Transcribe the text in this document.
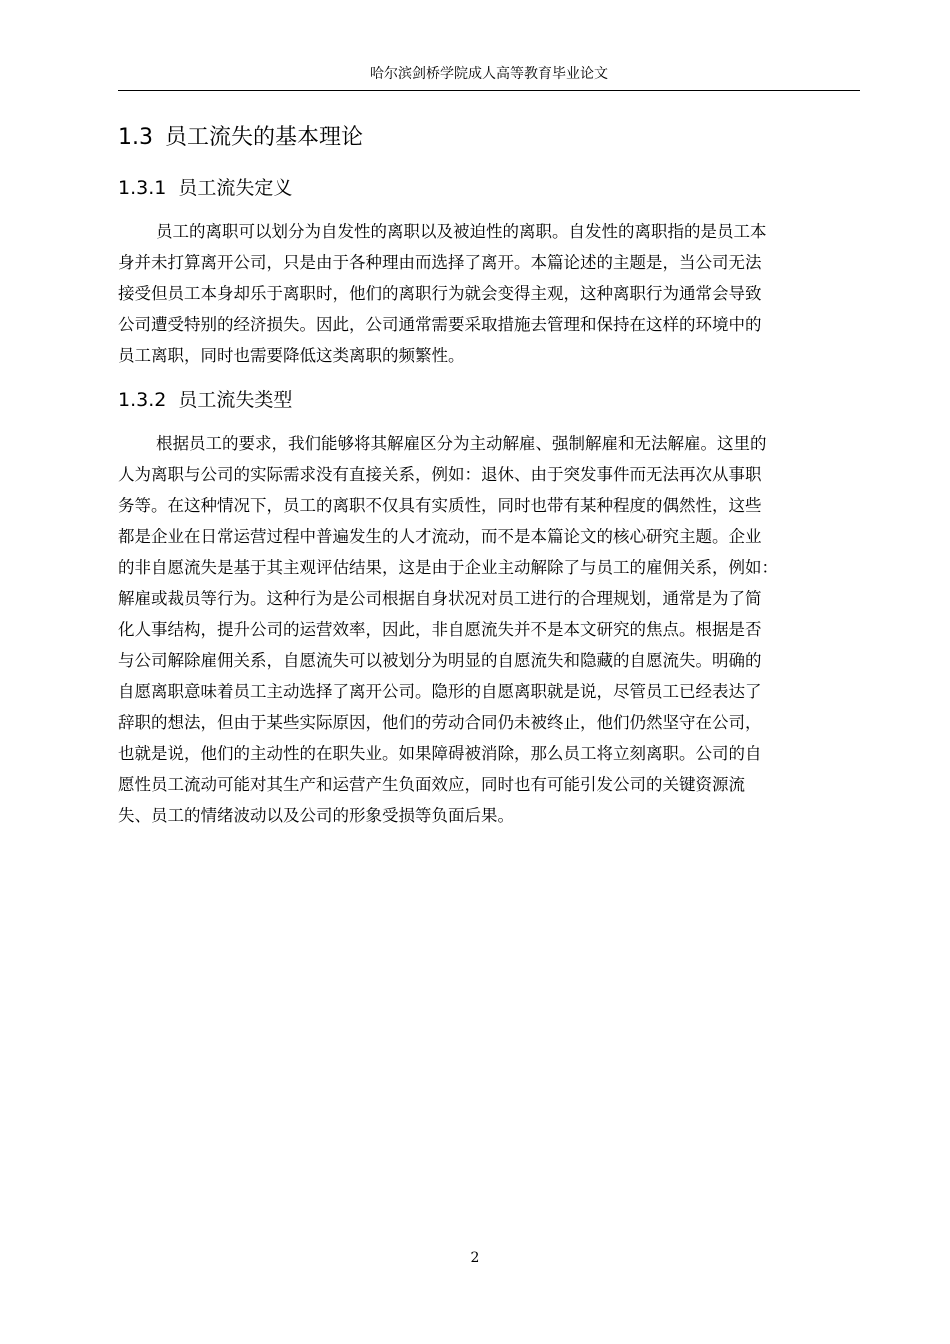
哈尔滨剑桥学院成人高等教育毕业论文
1.3 员工流失的基本理论
1.3.1 员工流失定义

员工的离职可以划分为自发性的离职以及被迫性的离职。自发性的离职指的是员工本

身并未打算离开公司，只是由于各种理由而选择了离开。本篇论述的主题是，当公司无法

接受但员工本身却乐于离职时，他们的离职行为就会变得主观，这种离职行为通常会导致

公司遭受特别的经济损失。因此，公司通常需要采取措施去管理和保持在这样的环境中的

员工离职，同时也需要降低这类离职的频繁性。

1.3.2 员工流失类型

根据员工的要求，我们能够将其解雇区分为主动解雇、强制解雇和无法解雇。这里的

人为离职与公司的实际需求没有直接关系，例如：退休、由于突发事件而无法再次从事职

务等。在这种情况下，员工的离职不仅具有实质性，同时也带有某种程度的偶然性，这些

都是企业在日常运营过程中普遍发生的人才流动，而不是本篇论文的核心研究主题。企业

的非自愿流失是基于其主观评估结果，这是由于企业主动解除了与员工的雇佣关系，例如：

解雇或裁员等行为。这种行为是公司根据自身状况对员工进行的合理规划，通常是为了简

化人事结构，提升公司的运营效率，因此，非自愿流失并不是本文研究的焦点。根据是否

与公司解除雇佣关系，自愿流失可以被划分为明显的自愿流失和隐藏的自愿流失。明确的

自愿离职意味着员工主动选择了离开公司。隐形的自愿离职就是说，尽管员工已经表达了

辞职的想法，但由于某些实际原因，他们的劳动合同仍未被终止，他们仍然坚守在公司，

也就是说，他们的主动性的在职失业。如果障碍被消除，那么员工将立刻离职。公司的自

愿性员工流动可能对其生产和运营产生负面效应，同时也有可能引发公司的关键资源流

失、员工的情绪波动以及公司的形象受损等负面后果。

2
